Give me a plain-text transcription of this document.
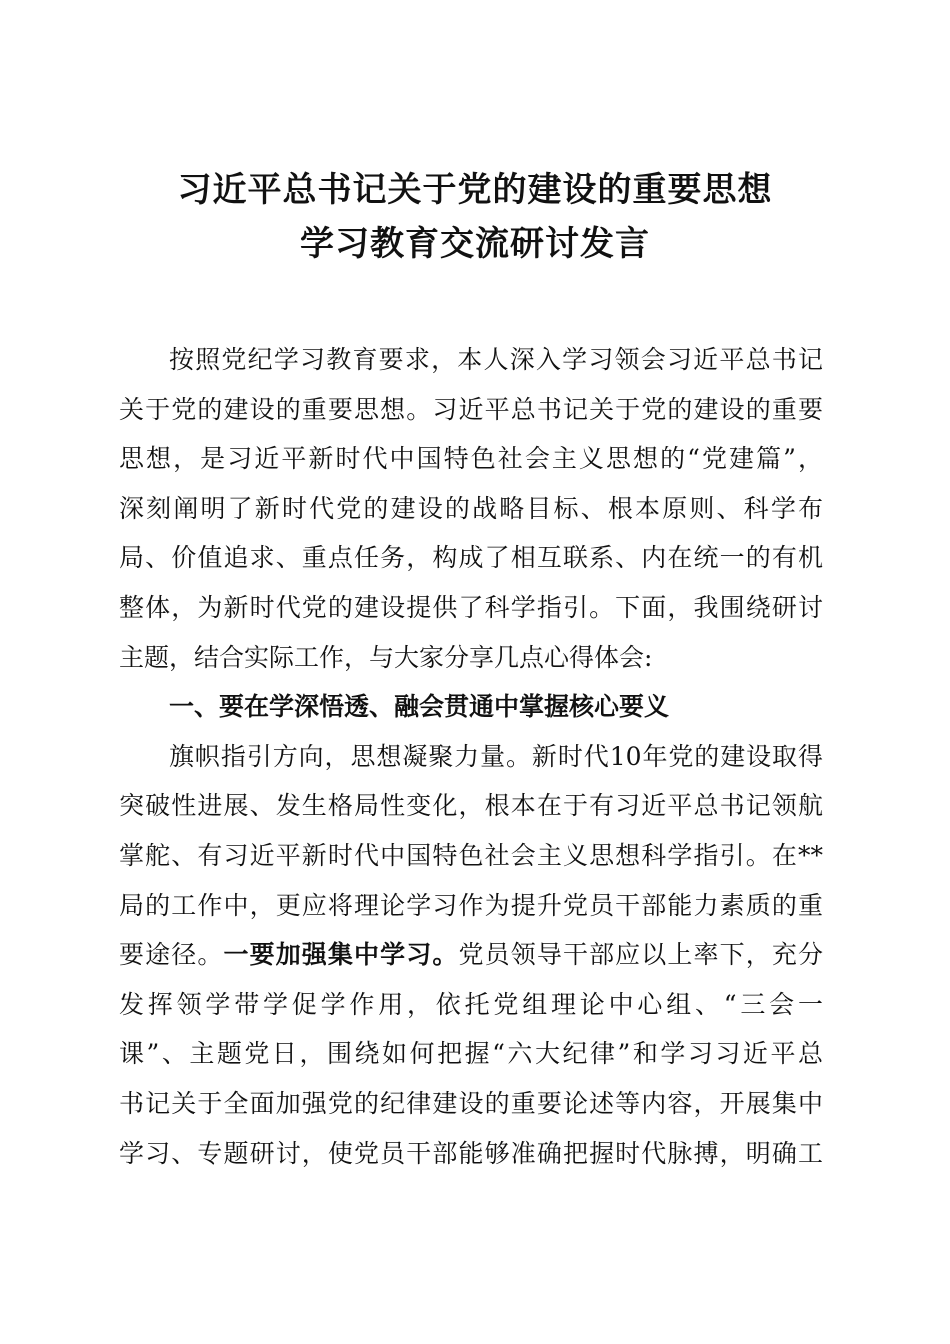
习近平总书记关于党的建设的重要思想
学习教育交流研讨发言
按照党纪学习教育要求，本人深入学习领会习近平总书记
关于党的建设的重要思想。习近平总书记关于党的建设的重要
思想，是习近平新时代中国特色社会主义思想的“党建篇”，
深刻阐明了新时代党的建设的战略目标、根本原则、科学布
局、价值追求、重点任务，构成了相互联系、内在统一的有机
整体，为新时代党的建设提供了科学指引。下面，我围绕研讨
主题，结合实际工作，与大家分享几点心得体会:
一、要在学深悟透、融会贯通中掌握核心要义
旗帜指引方向，思想凝聚力量。新时代10年党的建设取得
突破性进展、发生格局性变化，根本在于有习近平总书记领航
掌舵、有习近平新时代中国特色社会主义思想科学指引。在**
局的工作中，更应将理论学习作为提升党员干部能力素质的重
要途径。一要加强集中学习。党员领导干部应以上率下，充分
发挥领学带学促学作用，依托党组理论中心组、“三会一
课”、主题党日，围绕如何把握“六大纪律”和学习习近平总
书记关于全面加强党的纪律建设的重要论述等内容，开展集中
学习、专题研讨，使党员干部能够准确把握时代脉搏，明确工
